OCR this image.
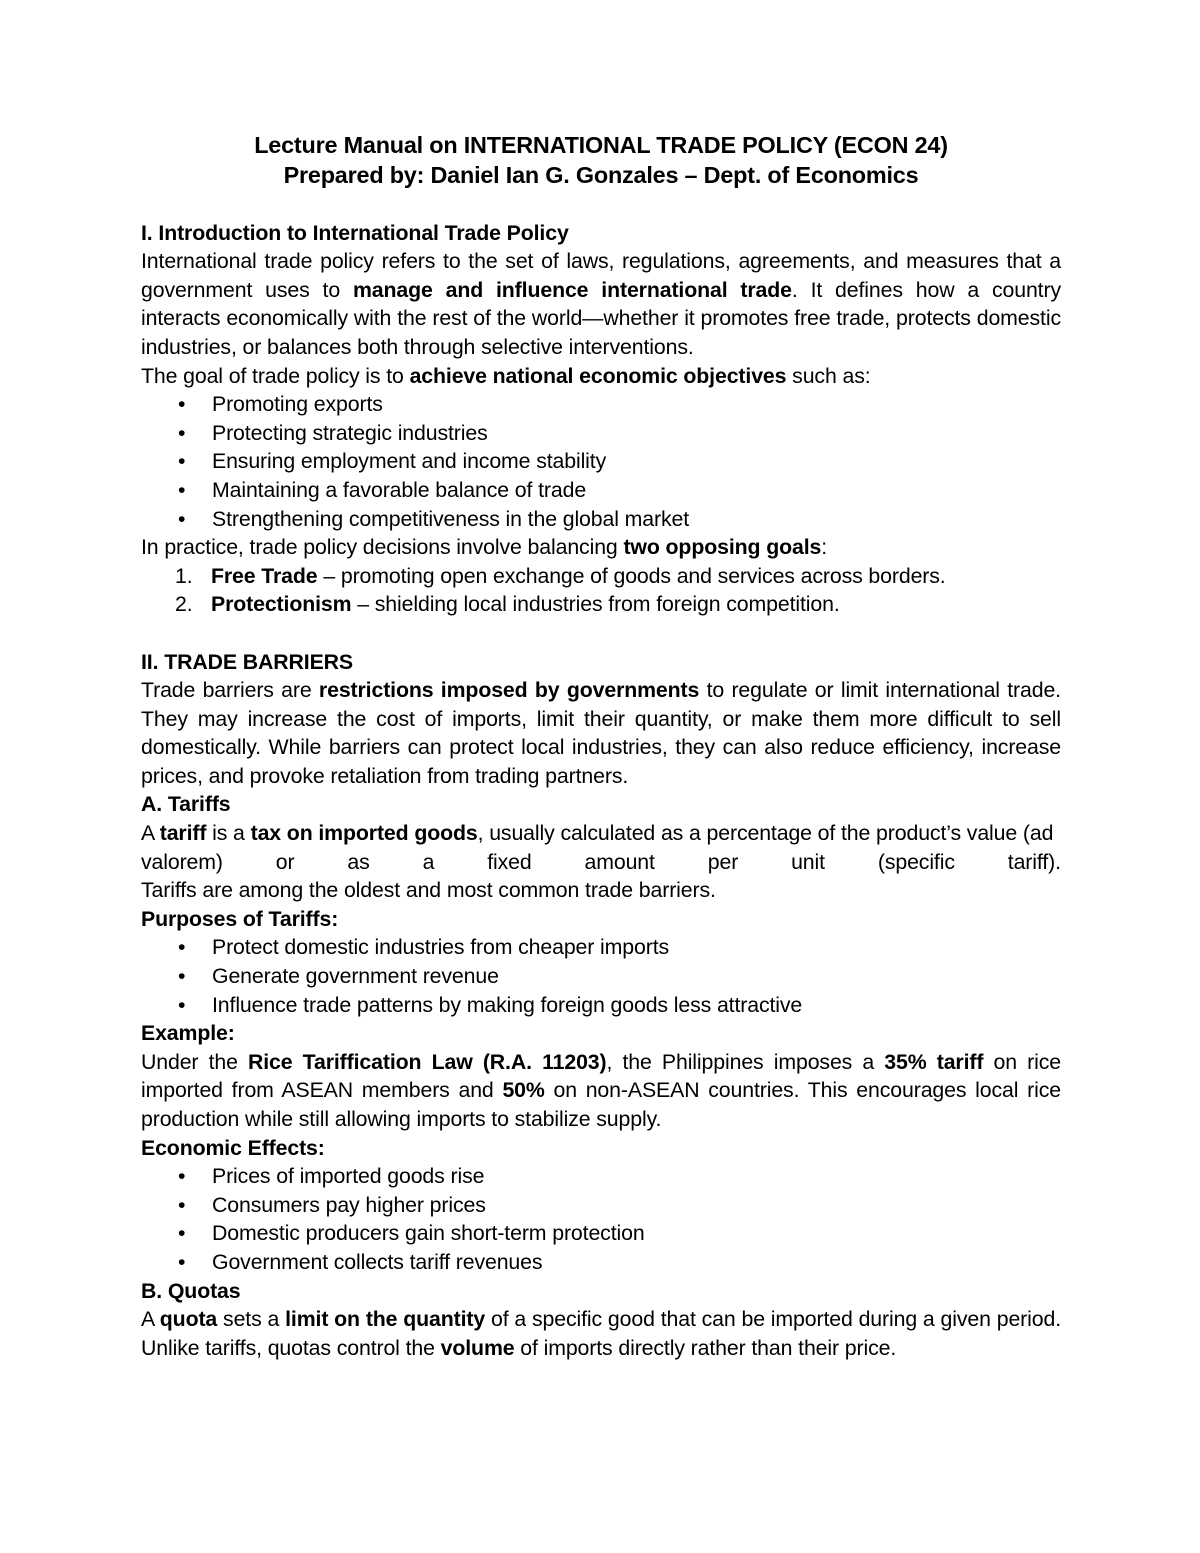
Lecture Manual on INTERNATIONAL TRADE POLICY (ECON 24)
Prepared by: Daniel Ian G. Gonzales – Dept. of Economics
I. Introduction to International Trade Policy

International trade policy refers to the set of laws, regulations, agreements, and measures that a government uses to manage and influence international trade. It defines how a country interacts economically with the rest of the world—whether it promotes free trade, protects domestic industries, or balances both through selective interventions.

The goal of trade policy is to achieve national economic objectives such as:

• Promoting exports
• Protecting strategic industries
• Ensuring employment and income stability
• Maintaining a favorable balance of trade
• Strengthening competitiveness in the global market

In practice, trade policy decisions involve balancing two opposing goals:

Free Trade – promoting open exchange of goods and services across borders.
Protectionism – shielding local industries from foreign competition.
II. TRADE BARRIERS

Trade barriers are restrictions imposed by governments to regulate or limit international trade. They may increase the cost of imports, limit their quantity, or make them more difficult to sell domestically. While barriers can protect local industries, they can also reduce efficiency, increase prices, and provoke retaliation from trading partners.

A. Tariffs

A tariff is a tax on imported goods, usually calculated as a percentage of the product’s value (ad

valorem) or as a fixed amount per unit (specific tariff).

Tariffs are among the oldest and most common trade barriers.

Purposes of Tariffs:
• Protect domestic industries from cheaper imports
• Generate government revenue
• Influence trade patterns by making foreign goods less attractive
Example:

Under the Rice Tariffication Law (R.A. 11203), the Philippines imposes a 35% tariff on rice imported from ASEAN members and 50% on non-ASEAN countries. This encourages local rice production while still allowing imports to stabilize supply.

Economic Effects:
• Prices of imported goods rise
• Consumers pay higher prices
• Domestic producers gain short-term protection
• Government collects tariff revenues
B. Quotas

A quota sets a limit on the quantity of a specific good that can be imported during a given period. Unlike tariffs, quotas control the volume of imports directly rather than their price.
